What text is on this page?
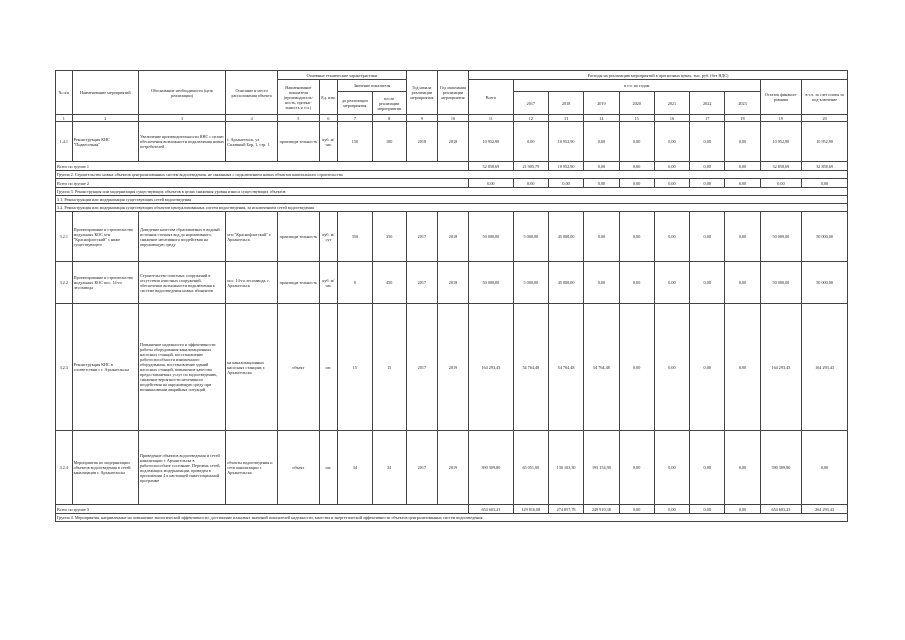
№ п/п	Наименование мероприятий	Обоснование необходимости (цель реализации)	Описание и место расположения объекта	Основные технические характеристики				Год начала реализации мероприятия	Год окончания реализации мероприятия	Расходы на реализацию мероприятий в прогнозных ценах, тыс. руб. (без НДС)									
				Наименование показателя (производитель-ность, протяж-енность и т.п.)	Ед. изм.	Значение показателя				Всего	в т.ч. по годам							Остаток финанси-рования	в т.ч. за счет платы за под-ключение
						до реализации мероприятия	после реализации мероприятия				2017	2018	2019	2020	2021	2022	2023		
1	2	3	4	5	6	7	8	9	10	11	12	13	14	15	16	17	18	19	20
1.4.1	Реконструкция КНС "Подвесочная"	Увеличение производительности КНС с целью обеспечения возможности подключения новых потребителей	г. Архангельск, ул. Сплавный Бор, 1, стр. 1	производи тельность	куб. м/час	150	180	2018	2018	10 952,90	0,00	10 952,90	0,00	0,00	0,00	0,00	0,00	10 952,90	10 952,90
Всего по группе 1										32 858,69	21 905,79	10 952,90	0,00	0,00	0,00	0,00	0,00	32 858,69	32 858,69
Группа 2. Строительство новых объектов централизованных систем водоотведения, не связанных с подключением новых объектов капитального строительства																			
Всего по группе 2										0,00	0,00	0,00	0,00	0,00	0,00	0,00	0,00	0,00	0,00
Группа 3. Реконструкция или модернизация существующих объектов в целях снижения уровня износа существующих объектов																			
3.1. Реконструкция или модернизация существующих сетей водоотведения																			
3.2. Реконструкция или модернизация существующих объектов централизованных систем водоотведения, за исключением сетей водоотведения																			
3.2.1	Проектирование и строительство модульных КОС м-н "Краснофлотский" с ниже существующего	Доведение качества сбрасываемых в водный источник сточных вод до нормативного, снижение негативного воздействия на окружающую среду	м-н "Краснофлотский" г. Архангельск	производи тельность	куб. м/ сут	350	350	2017	2018	50 000,00	5 000,00	45 000,00	0,00	0,00	0,00	0,00	0,00	50 000,00	50 000,00
3.2.2	Проектирование и строительство модульных КОС пос. 14-го лесозавода	Строительство очистных сооружений в отсутствии очистных сооружений, обеспечение возможности подключения к системе водоотведения новых абонентов	пос. 14-го лесозавода, г. Архангельск	производи тельность	куб. м/час	0	450	2017	2018	50 000,00	5 000,00	45 000,00	0,00	0,00	0,00	0,00	0,00	50 000,00	50 000,00
3.2.3	Реконструкция КНС в соответствии с г. Архангельска	Повышение надежности и эффективности работы оборудования канализационных насосных станций, восстановление работоспособности изношенного оборудования, восстановление зданий насосных станций, повышение качества предоставляемых услуг по водоотведению, снижение вероятности негативного воздействия на окружающую среду при возникновении аварийных ситуаций	на канализационных насосных станциях г. Архангельска	объект	шт.	15	15	2017	2019	164 293,43	54 764,48	54 764,48	54 764,48	0,00	0,00	0,00	0,00	164 293,43	164 293,43
3.2.4	Мероприятия по модернизации объектов водоотведения в сетей канализации г. Архангельска	Приведение объектов водоотведения и сетей канализации г. Архангельска в работоспособное состояние. Перечень сетей, подлежащих модернизации, приведен в приложении 4 к настоящей инвестиционной программе	объекты водоотведения и сети канализации г. Архангельска	объект	шт.	34	34	2017	2019	390 309,80	65 051,00	130 103,30	195 154,90	0,00	0,00	0,00	0,00	390 309,80	0,00
Всего по группе 3										654 603,23	129 816,08	274 857,78	249 919,38	0,00	0,00	0,00	0,00	654 603,23	264 293,43
Группа 4. Мероприятия, направленные на повышение экологической эффективности, достижение плановых значений показателей надежности, качества и энергетической эффективности объектов централизованных систем водоотведения																			
